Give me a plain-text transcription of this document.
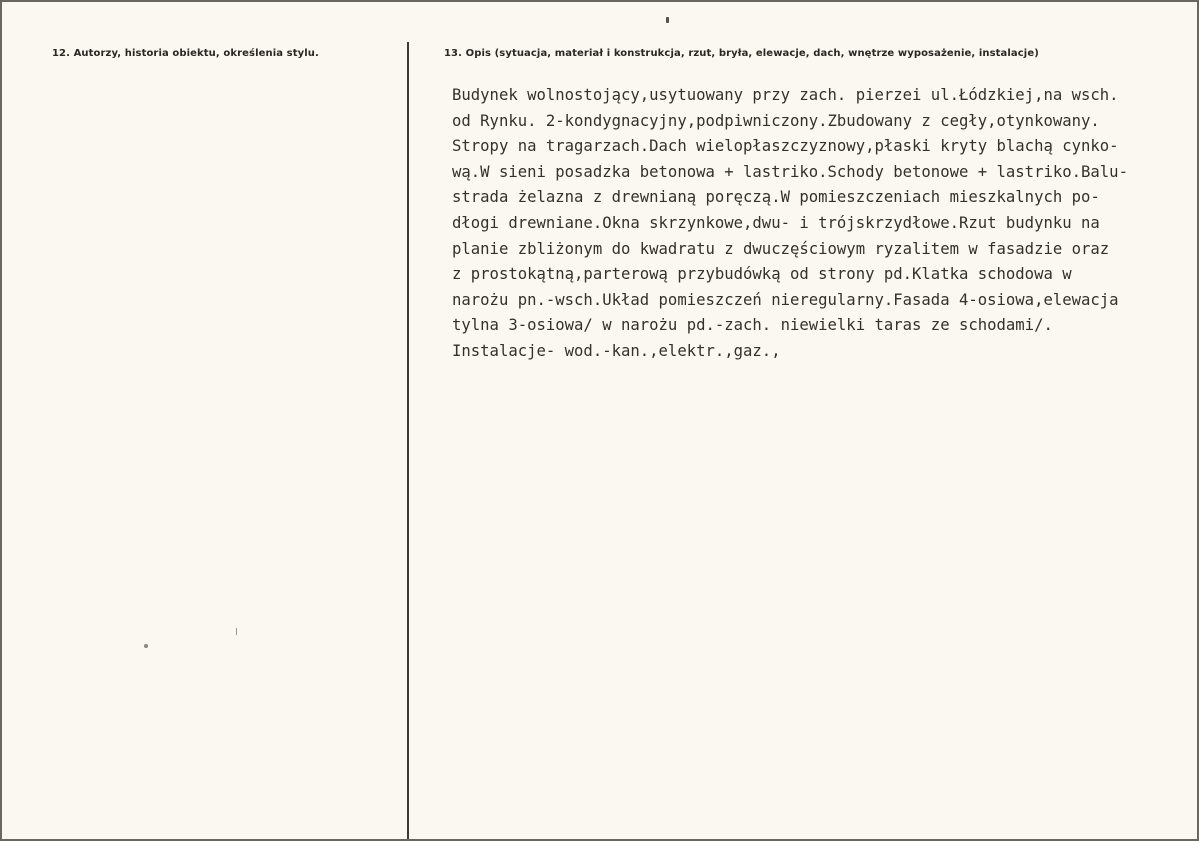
12. Autorzy, historia obiektu, określenia stylu.	13. Opis (sytuacja, materiał i konstrukcja, rzut, bryła, elewacje, dach, wnętrze wyposażenie, instalacje)
Budynek wolnostojący,usytuowany przy zach. pierzei ul.Łódzkiej,na wsch.
od Rynku. 2-kondygnacyjny,podpiwniczony.Zbudowany z cegły,otynkowany.
Stropy na tragarzach.Dach wielopłaszczyznowy,płaski kryty blachą cynko-
wą.W sieni posadzka betonowa + lastriko.Schody betonowe + lastriko.Balu-
strada żelazna z drewnianą poręczą.W pomieszczeniach mieszkalnych po-
dłogi drewniane.Okna skrzynkowe,dwu- i trójskrzydłowe.Rzut budynku na
planie zbliżonym do kwadratu z dwuczęściowym ryzalitem w fasadzie oraz
z prostokątną,parterową przybudówką od strony pd.Klatka schodowa w
narożu pn.-wsch.Układ pomieszczeń nieregularny.Fasada 4-osiowa,elewacja
tylna 3-osiowa/ w narożu pd.-zach. niewielki taras ze schodami/.
Instalacje- wod.-kan.,elektr.,gaz.,
